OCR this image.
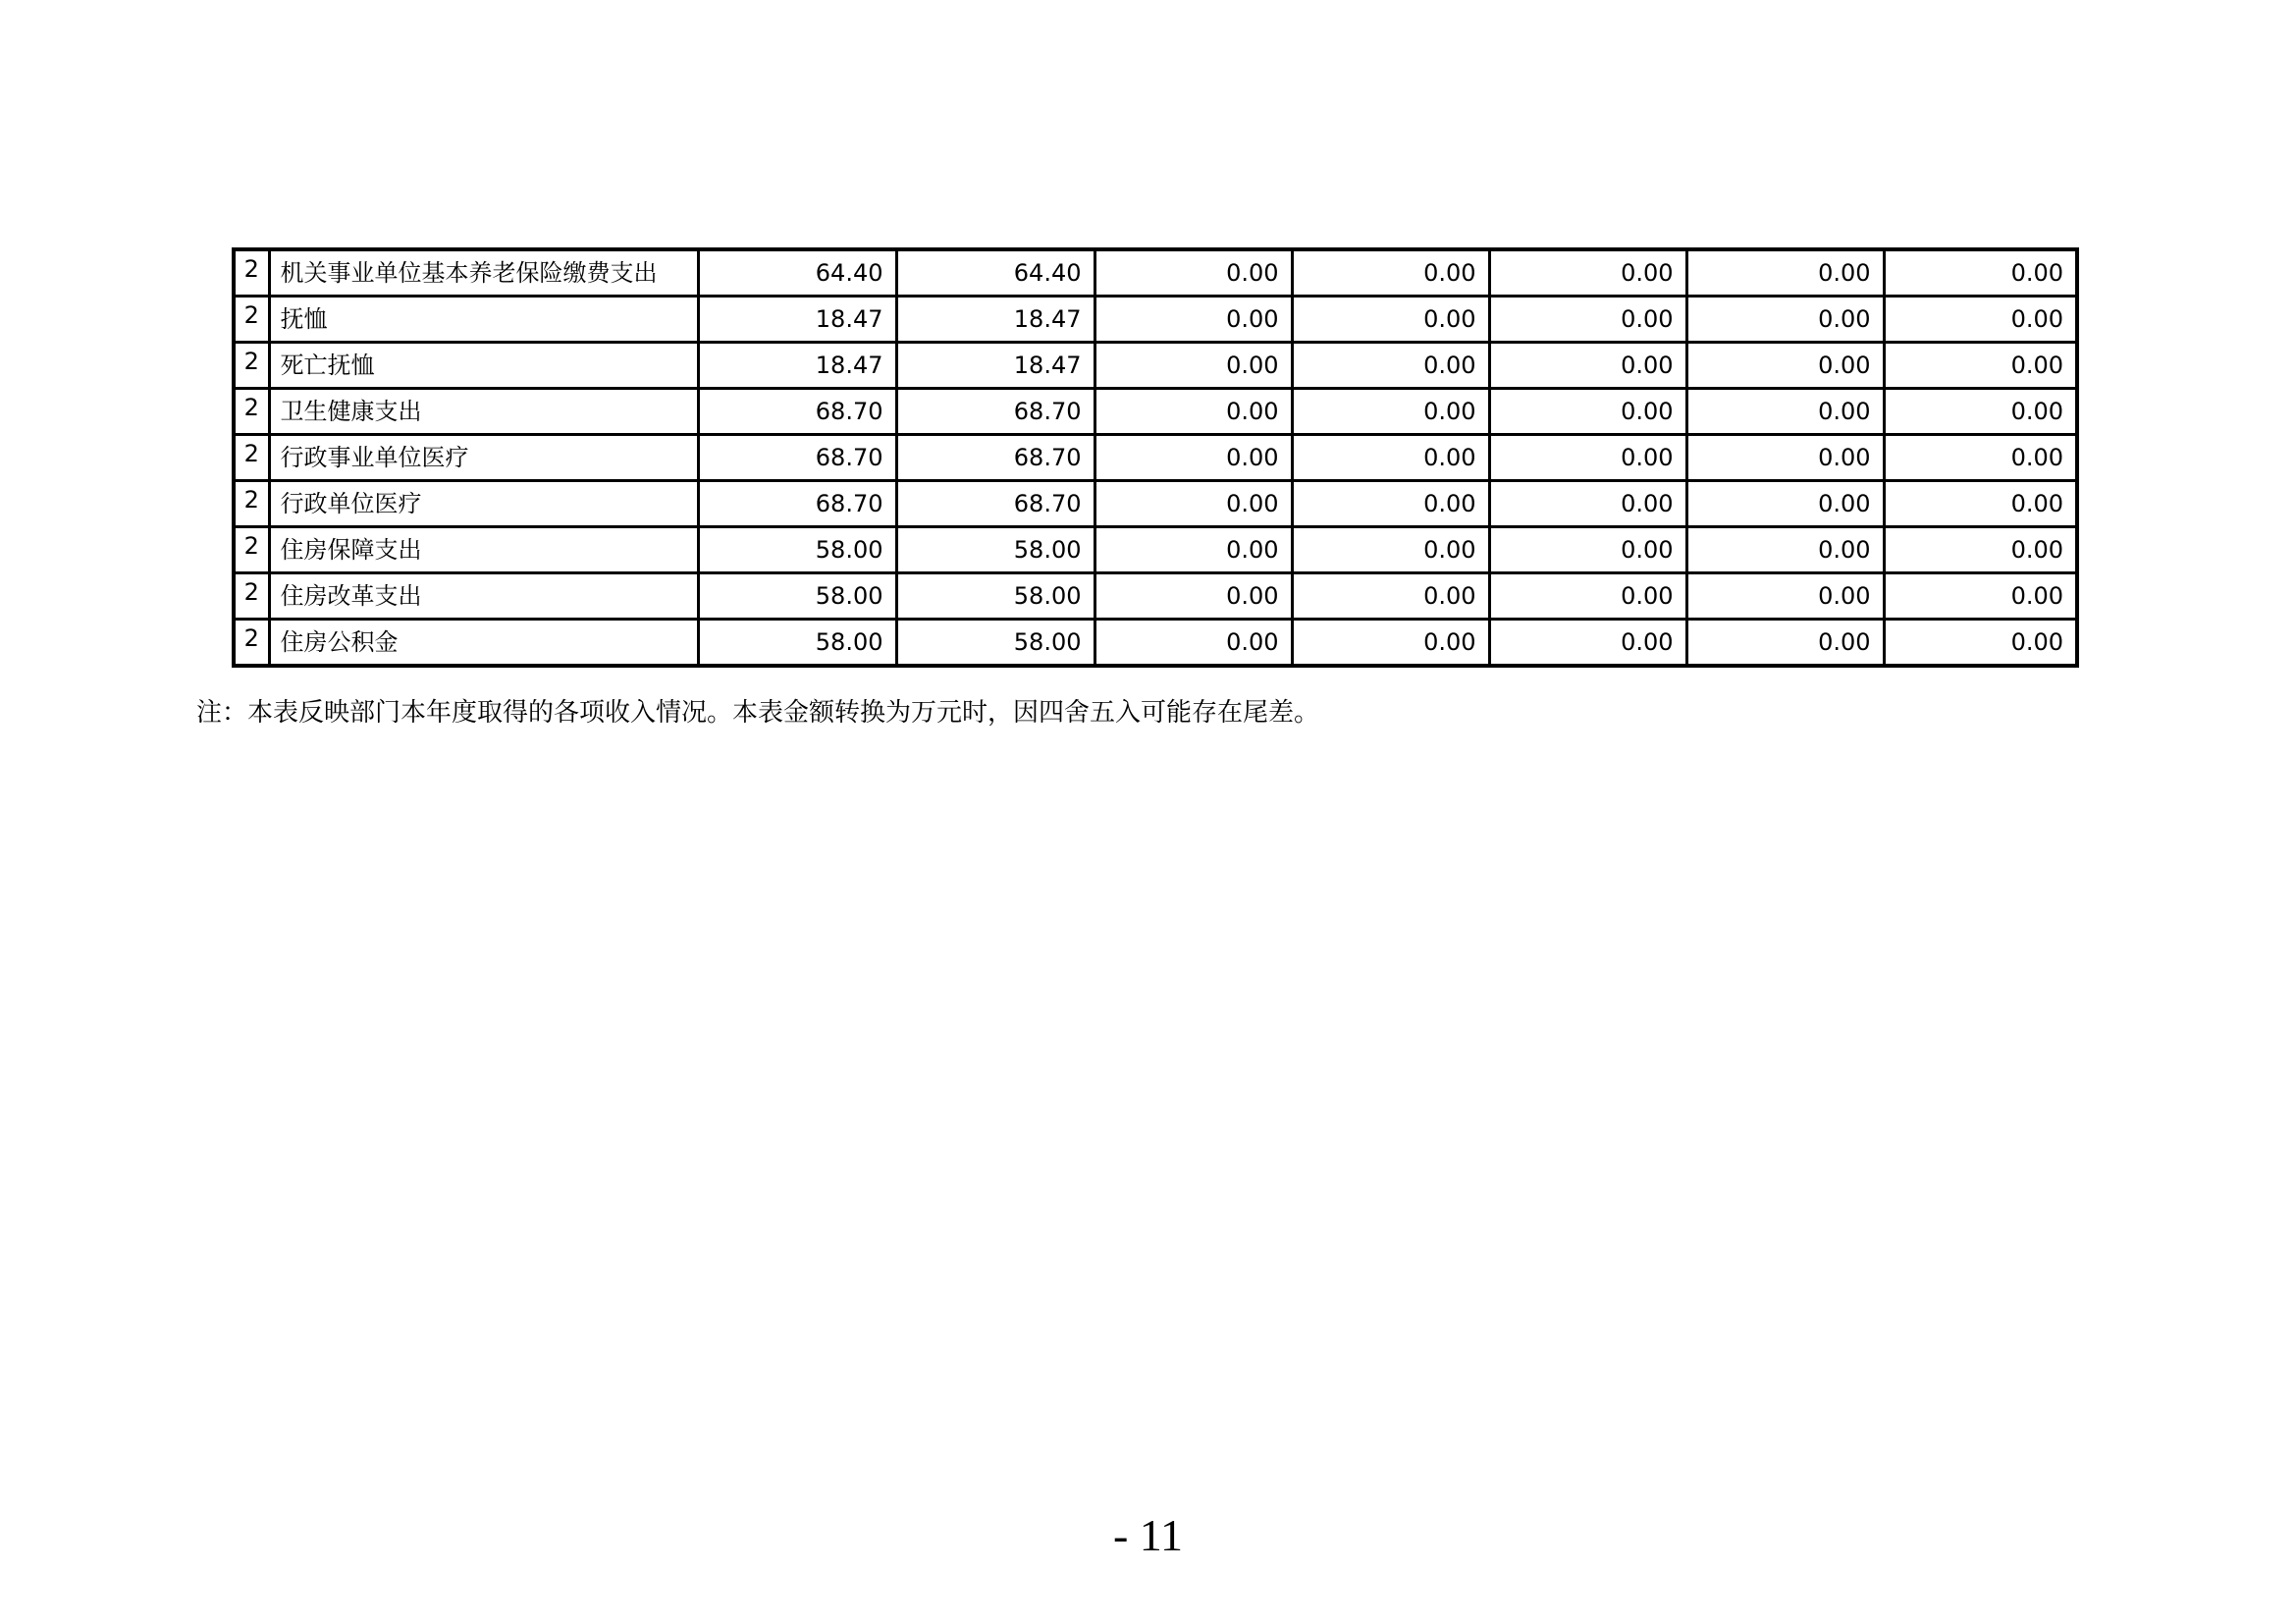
2	机关事业单位基本养老保险缴费支出	64.40	64.40	0.00	0.00	0.00	0.00	0.00
2	抚恤	18.47	18.47	0.00	0.00	0.00	0.00	0.00
2	死亡抚恤	18.47	18.47	0.00	0.00	0.00	0.00	0.00
2	卫生健康支出	68.70	68.70	0.00	0.00	0.00	0.00	0.00
2	行政事业单位医疗	68.70	68.70	0.00	0.00	0.00	0.00	0.00
2	行政单位医疗	68.70	68.70	0.00	0.00	0.00	0.00	0.00
2	住房保障支出	58.00	58.00	0.00	0.00	0.00	0.00	0.00
2	住房改革支出	58.00	58.00	0.00	0.00	0.00	0.00	0.00
2	住房公积金	58.00	58.00	0.00	0.00	0.00	0.00	0.00
注：本表反映部门本年度取得的各项收入情况。本表金额转换为万元时，因四舍五入可能存在尾差。
- 11
